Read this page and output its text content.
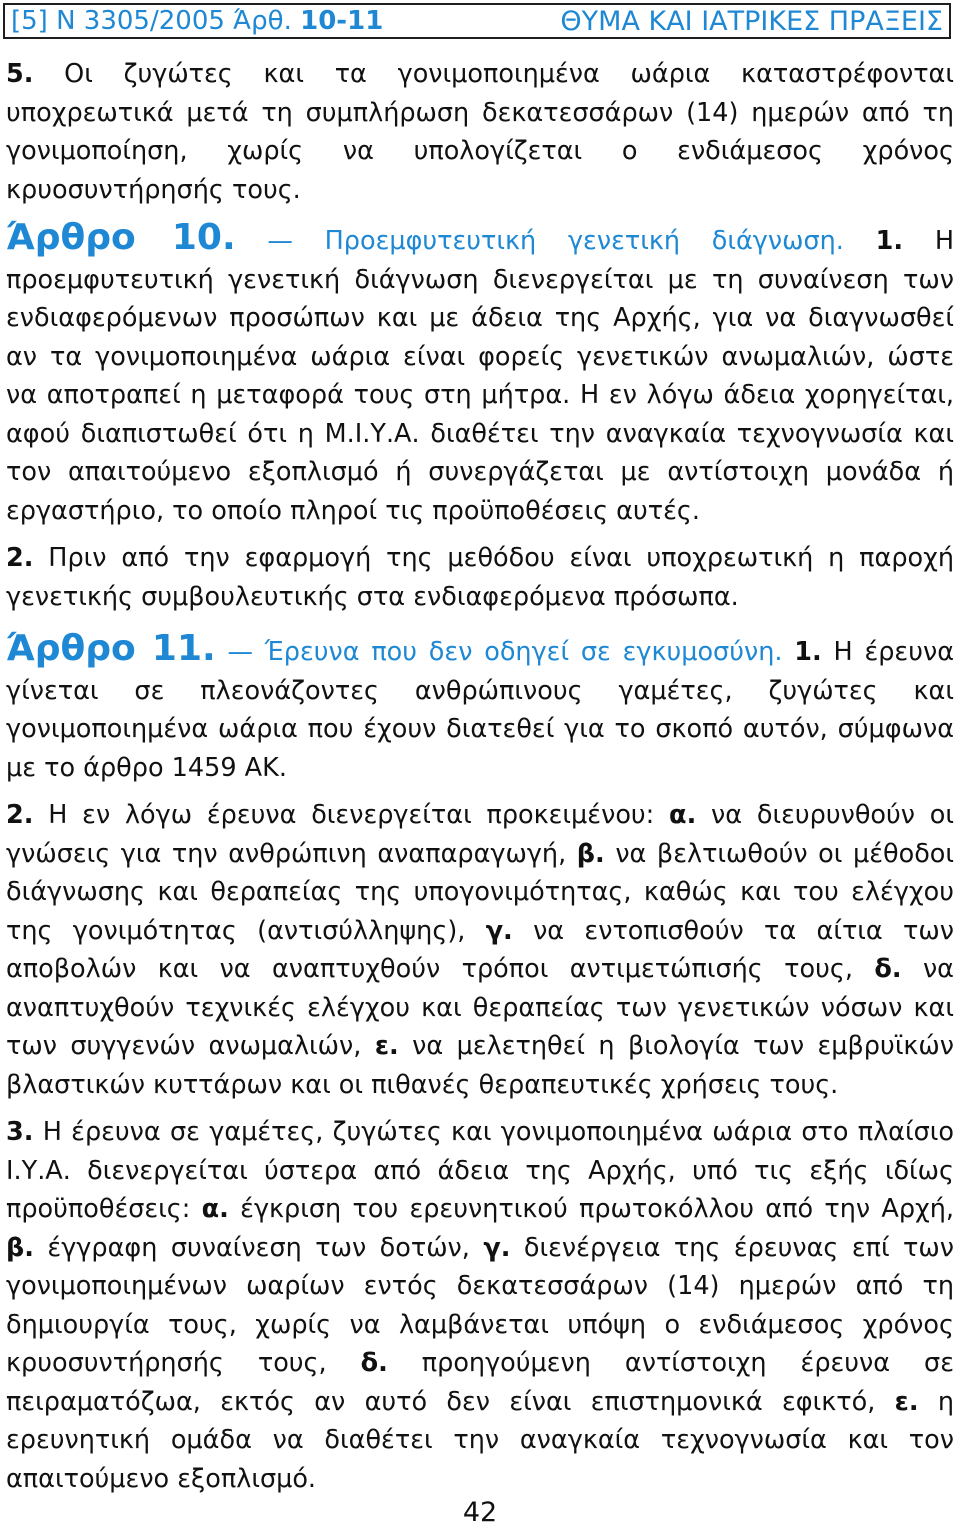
[5] Ν 3305/2005 Άρθ. 10-11	ΘΥΜΑ ΚΑΙ ΙΑΤΡΙΚΕΣ ΠΡΑΞΕΙΣ

5. Οι ζυγώτες και τα γονιμοποιημένα ωάρια καταστρέφονται υποχρεωτικά μετά τη συμπλήρωση δεκατεσσάρων (14) ημερών από τη γονιμοποίηση, χωρίς να υπολογίζεται ο ενδιάμεσος χρόνος κρυοσυντήρησής τους.

Άρθρο 10. — Προεμφυτευτική γενετική διάγνωση. 1. Η προεμφυτευτική γενετική διάγνωση διενεργείται με τη συναίνεση των ενδιαφερόμενων προσώπων και με άδεια της Αρχής, για να διαγνωσθεί αν τα γονιμοποιημένα ωάρια είναι φορείς γενετικών ανωμαλιών, ώστε να αποτραπεί η μεταφορά τους στη μήτρα. Η εν λόγω άδεια χορηγείται, αφού διαπιστωθεί ότι η Μ.Ι.Υ.Α. διαθέτει την αναγκαία τεχνογνωσία και τον απαιτούμενο εξοπλισμό ή συνεργάζεται με αντίστοιχη μονάδα ή εργαστήριο, το οποίο πληροί τις προϋποθέσεις αυτές.

2. Πριν από την εφαρμογή της μεθόδου είναι υποχρεωτική η παροχή γενετικής συμβουλευτικής στα ενδιαφερόμενα πρόσωπα.

Άρθρο 11. — Έρευνα που δεν οδηγεί σε εγκυμοσύνη. 1. Η έρευνα γίνεται σε πλεονάζοντες ανθρώπινους γαμέτες, ζυγώτες και γονιμοποιημένα ωάρια που έχουν διατεθεί για το σκοπό αυτόν, σύμφωνα με το άρθρο 1459 ΑΚ.

2. Η εν λόγω έρευνα διενεργείται προκειμένου: α. να διευρυνθούν οι γνώσεις για την ανθρώπινη αναπαραγωγή, β. να βελτιωθούν οι μέθοδοι διάγνωσης και θεραπείας της υπογονιμότητας, καθώς και του ελέγχου της γονιμότητας (αντισύλληψης), γ. να εντοπισθούν τα αίτια των αποβολών και να αναπτυχθούν τρόποι αντιμετώπισής τους, δ. να αναπτυχθούν τεχνικές ελέγχου και θεραπείας των γενετικών νόσων και των συγγενών ανωμαλιών, ε. να μελετηθεί η βιολογία των εμβρυϊκών βλαστικών κυττάρων και οι πιθανές θεραπευτικές χρήσεις τους.

3. Η έρευνα σε γαμέτες, ζυγώτες και γονιμοποιημένα ωάρια στο πλαίσιο Ι.Υ.Α. διενεργείται ύστερα από άδεια της Αρχής, υπό τις εξής ιδίως προϋποθέσεις: α. έγκριση του ερευνητικού πρωτοκόλλου από την Αρχή, β. έγγραφη συναίνεση των δοτών, γ. διενέργεια της έρευνας επί των γονιμοποιημένων ωαρίων εντός δεκατεσσάρων (14) ημερών από τη δημιουργία τους, χωρίς να λαμβάνεται υπόψη ο ενδιάμεσος χρόνος κρυοσυντήρησής τους, δ. προηγούμενη αντίστοιχη έρευνα σε πειραματόζωα, εκτός αν αυτό δεν είναι επιστημονικά εφικτό, ε. η ερευνητική ομάδα να διαθέτει την αναγκαία τεχνογνωσία και τον απαιτούμενο εξοπλισμό.

42
